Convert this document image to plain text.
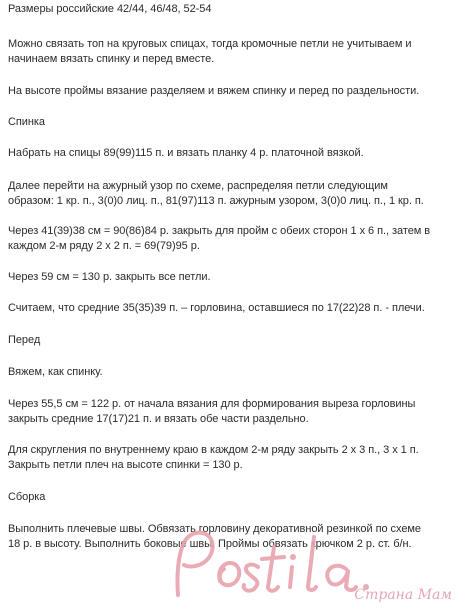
Размеры российские 42/44, 46/48, 52-54
Можно связать топ на круговых спицах, тогда кромочные петли не учитываем и
начинаем вязать спинку и перед вместе.
На высоте проймы вязание разделяем и вяжем спинку и перед по раздельности.
Спинка
Набрать на спицы 89(99)115 п. и вязать планку 4 р. платочной вязкой.
Далее перейти на ажурный узор по схеме, распределяя петли следующим
образом: 1 кр. п., 3(0)0 лиц. п., 81(97)113 п. ажурным узором, 3(0)0 лиц. п., 1 кр. п.
Через 41(39)38 см = 90(86)84 р. закрыть для пройм с обеих сторон 1 х 6 п., затем в
каждом 2-м ряду 2 х 2 п. = 69(79)95 р.
Через 59 см = 130 р. закрыть все петли.
Считаем, что средние 35(35)39 п. – горловина, оставшиеся по 17(22)28 п. - плечи.
Перед
Вяжем, как спинку.
Через 55,5 см = 122 р. от начала вязания для формирования выреза горловины
закрыть средние 17(17)21 п. и вязать обе части раздельно.
Для скругления по внутреннему краю в каждом 2-м ряду закрыть 2 х 3 п., 3 х 1 п.
Закрыть петли плеч на высоте спинки = 130 р.
Сборка
Выполнить плечевые швы. Обвязать горловину декоративной резинкой по схеме
18 р. в высоту. Выполнить боковые швы. Проймы обвязать крючком 2 р. ст. б/н.
Страна Мам
